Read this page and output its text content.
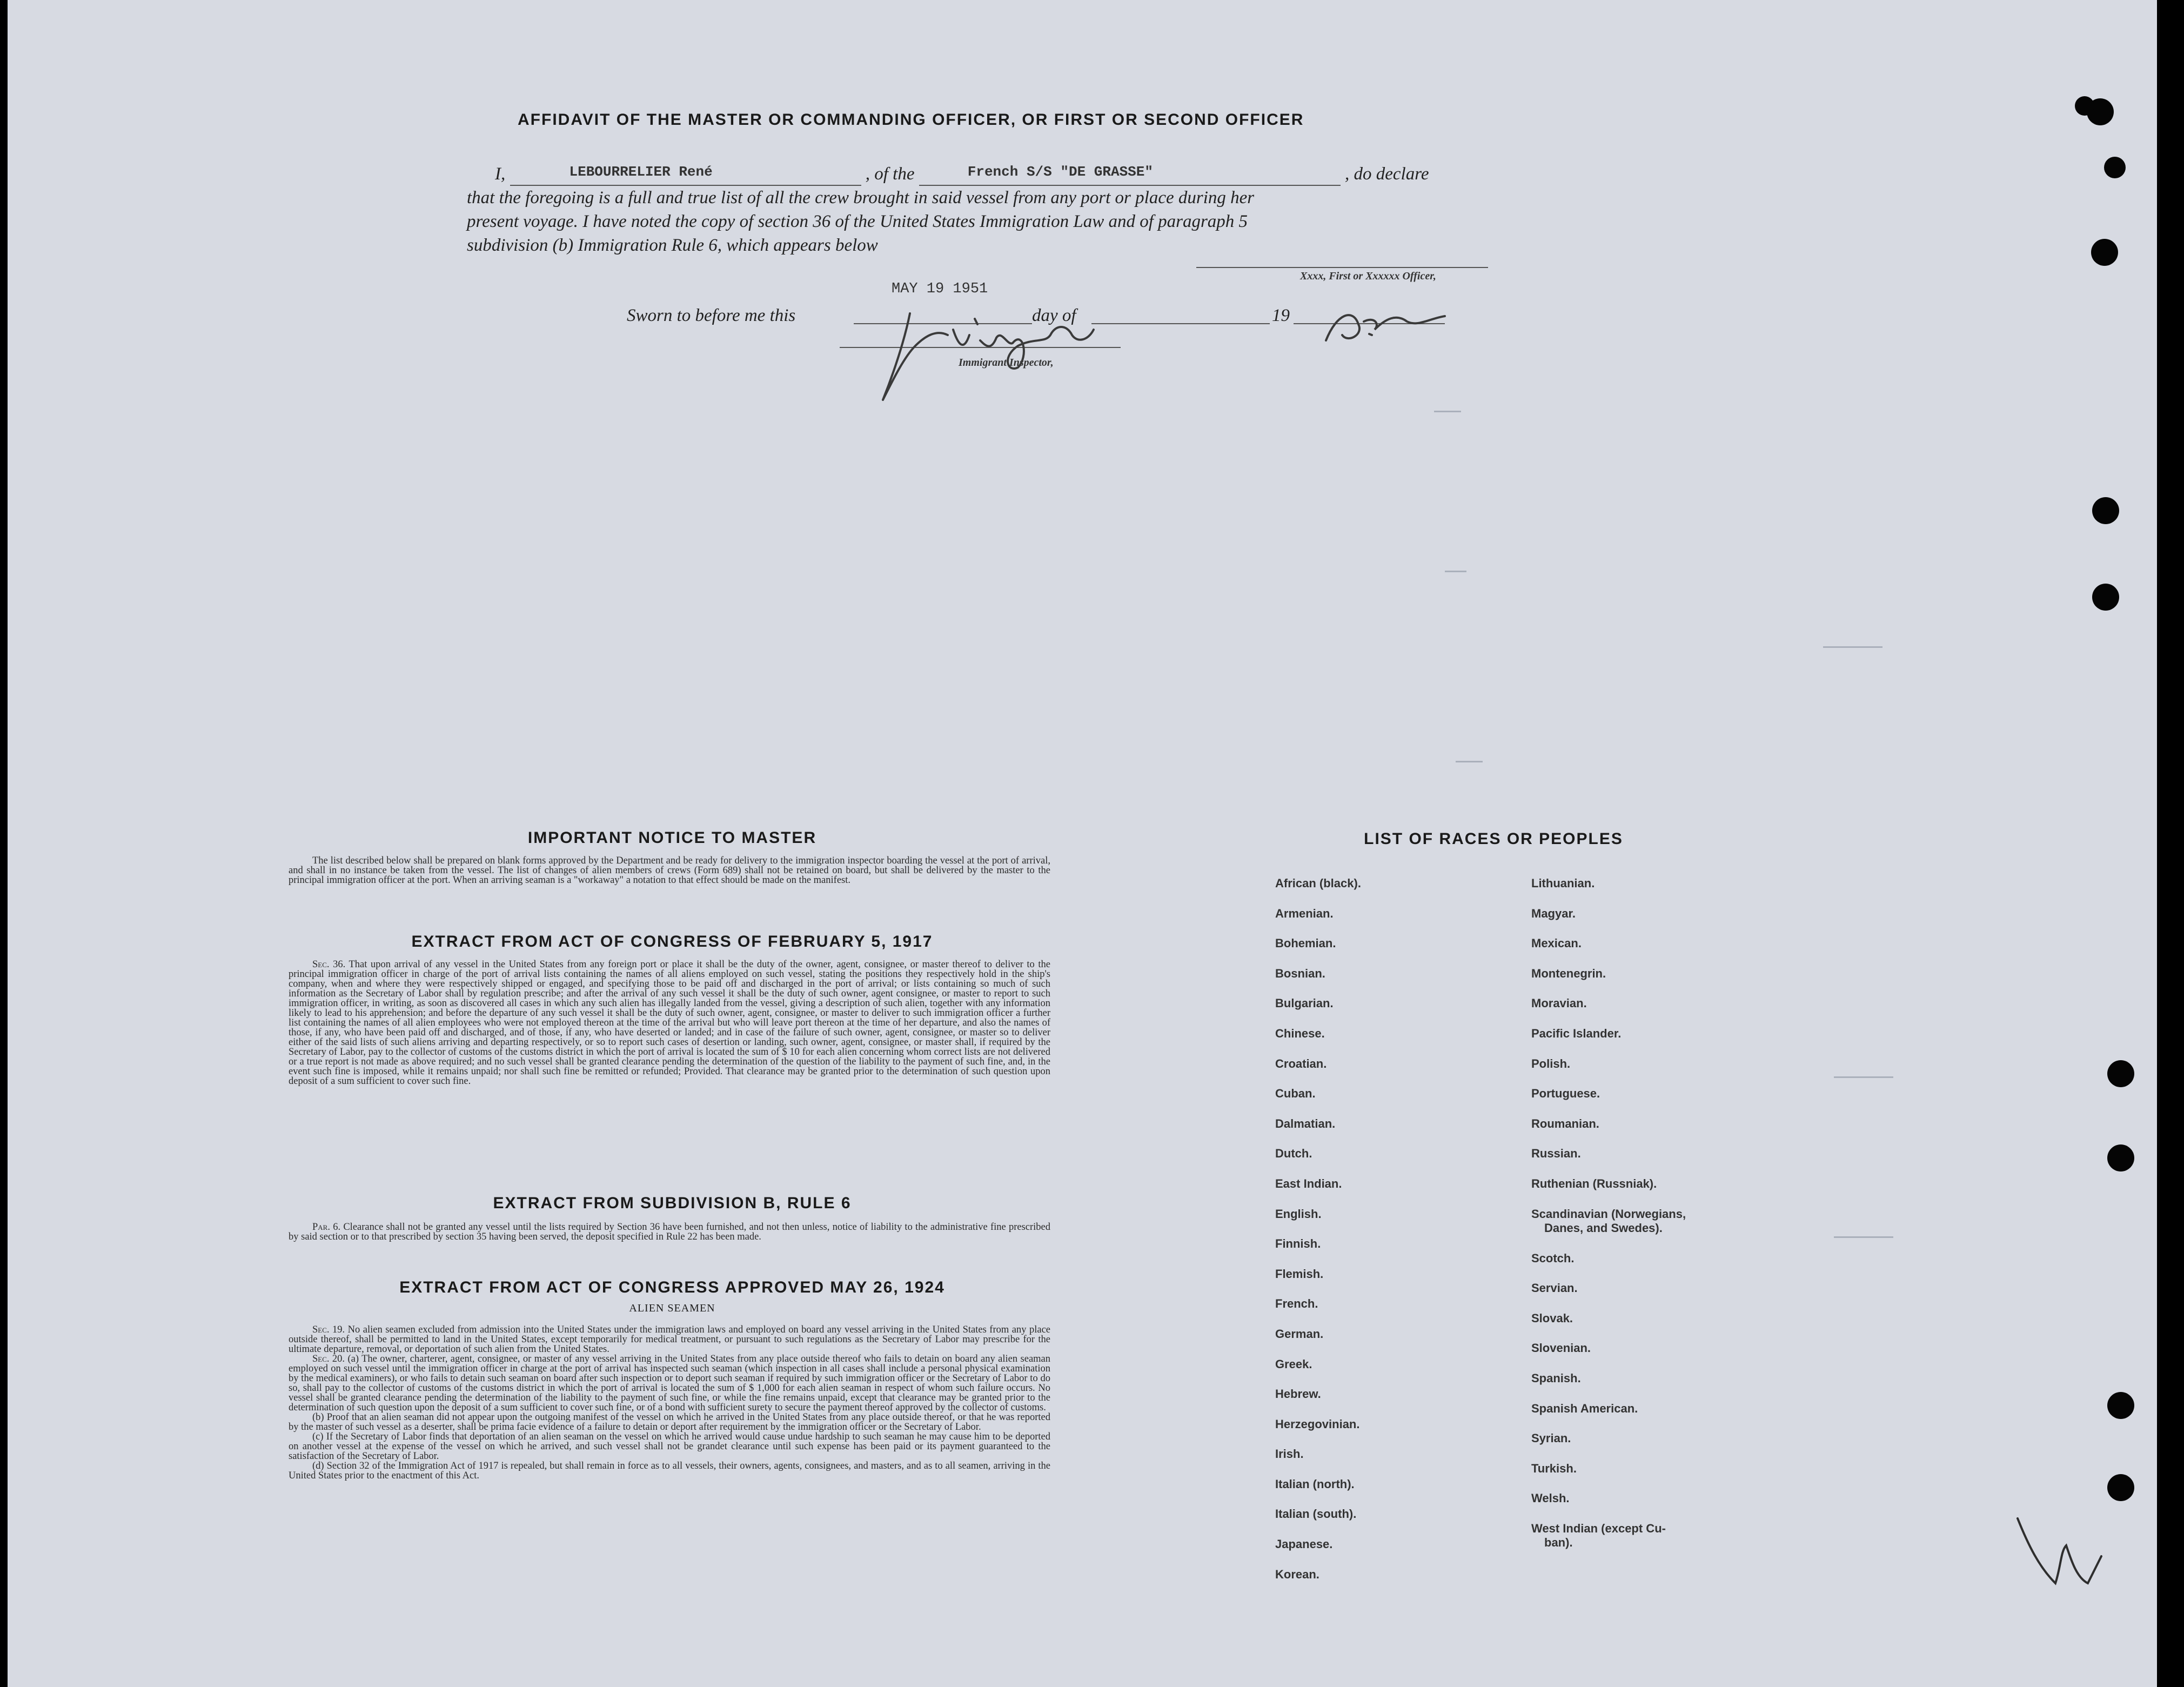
AFFIDAVIT OF THE MASTER OR COMMANDING OFFICER, OR FIRST OR SECOND OFFICER
I,	LEBOURRELIER René	, of the	French S/S "DE GRASSE"	, do declare
that the foregoing is a full and true list of all the crew brought in said vessel from any port or place during her
present voyage. I have noted the copy of section 36 of the United States Immigration Law and of paragraph 5
subdivision (b) Immigration Rule 6, which appears below
Xxxx, First or Xxxxxx Officer,
MAY 19 1951
Sworn to before me this	day of	19
Immigrant Inspector,
IMPORTANT NOTICE TO MASTER
The list described below shall be prepared on blank forms approved by the Department and be ready for delivery to the immigration inspector boarding the vessel at the port of arrival, and shall in no instance be taken from the vessel. The list of changes of alien members of crews (Form 689) shall not be retained on board, but shall be delivered by the master to the principal immigration officer at the port. When an arriving seaman is a "workaway" a notation to that effect should be made on the manifest.
EXTRACT FROM ACT OF CONGRESS OF FEBRUARY 5, 1917
Sec. 36. That upon arrival of any vessel in the United States from any foreign port or place it shall be the duty of the owner, agent, consignee, or master thereof to deliver to the principal immigration officer in charge of the port of arrival lists containing the names of all aliens employed on such vessel, stating the positions they respectively hold in the ship's company, when and where they were respectively shipped or engaged, and specifying those to be paid off and discharged in the port of arrival; or lists containing so much of such information as the Secretary of Labor shall by regulation prescribe; and after the arrival of any such vessel it shall be the duty of such owner, agent consignee, or master to report to such immigration officer, in writing, as soon as discovered all cases in which any such alien has illegally landed from the vessel, giving a description of such alien, together with any information likely to lead to his apprehension; and before the departure of any such vessel it shall be the duty of such owner, agent, consignee, or master to deliver to such immigration officer a further list containing the names of all alien employees who were not employed thereon at the time of the arrival but who will leave port thereon at the time of her departure, and also the names of those, if any, who have been paid off and discharged, and of those, if any, who have deserted or landed; and in case of the failure of such owner, agent, consignee, or master so to deliver either of the said lists of such aliens arriving and departing respectively, or so to report such cases of desertion or landing, such owner, agent, consignee, or master shall, if required by the Secretary of Labor, pay to the collector of customs of the customs district in which the port of arrival is located the sum of $ 10 for each alien concerning whom correct lists are not delivered or a true report is not made as above required; and no such vessel shall be granted clearance pending the determination of the question of the liability to the payment of such fine, and, in the event such fine is imposed, while it remains unpaid; nor shall such fine be remitted or refunded; Provided. That clearance may be granted prior to the determination of such question upon deposit of a sum sufficient to cover such fine.
EXTRACT FROM SUBDIVISION B, RULE 6
Par. 6. Clearance shall not be granted any vessel until the lists required by Section 36 have been furnished, and not then unless, notice of liability to the administrative fine prescribed by said section or to that prescribed by section 35 having been served, the deposit specified in Rule 22 has been made.
EXTRACT FROM ACT OF CONGRESS APPROVED MAY 26, 1924
ALIEN SEAMEN
Sec. 19. No alien seamen excluded from admission into the United States under the immigration laws and employed on board any vessel arriving in the United States from any place outside thereof, shall be permitted to land in the United States, except temporarily for medical treatment, or pursuant to such regulations as the Secretary of Labor may prescribe for the ultimate departure, removal, or deportation of such alien from the United States.
Sec. 20. (a) The owner, charterer, agent, consignee, or master of any vessel arriving in the United States from any place outside thereof who fails to detain on board any alien seaman employed on such vessel until the immigration officer in charge at the port of arrival has inspected such seaman (which inspection in all cases shall include a personal physical examination by the medical examiners), or who fails to detain such seaman on board after such inspection or to deport such seaman if required by such immigration officer or the Secretary of Labor to do so, shall pay to the collector of customs of the customs district in which the port of arrival is located the sum of $ 1,000 for each alien seaman in respect of whom such failure occurs. No vessel shall be granted clearance pending the determination of the liability to the payment of such fine, or while the fine remains unpaid, except that clearance may be granted prior to the determination of such question upon the deposit of a sum sufficient to cover such fine, or of a bond with sufficient surety to secure the payment thereof approved by the collector of customs.
(b) Proof that an alien seaman did not appear upon the outgoing manifest of the vessel on which he arrived in the United States from any place outside thereof, or that he was reported by the master of such vessel as a deserter, shall be prima facie evidence of a failure to detain or deport after requirement by the immigration officer or the Secretary of Labor.
(c) If the Secretary of Labor finds that deportation of an alien seaman on the vessel on which he arrived would cause undue hardship to such seaman he may cause him to be deported on another vessel at the expense of the vessel on which he arrived, and such vessel shall not be grandet clearance until such expense has been paid or its payment guaranteed to the satisfaction of the Secretary of Labor.
(d) Section 32 of the Immigration Act of 1917 is repealed, but shall remain in force as to all vessels, their owners, agents, consignees, and masters, and as to all seamen, arriving in the United States prior to the enactment of this Act.
LIST OF RACES OR PEOPLES
African (black).
Armenian.
Bohemian.
Bosnian.
Bulgarian.
Chinese.
Croatian.
Cuban.
Dalmatian.
Dutch.
East Indian.
English.
Finnish.
Flemish.
French.
German.
Greek.
Hebrew.
Herzegovinian.
Irish.
Italian (north).
Italian (south).
Japanese.
Korean.
Lithuanian.
Magyar.
Mexican.
Montenegrin.
Moravian.
Pacific Islander.
Polish.
Portuguese.
Roumanian.
Russian.
Ruthenian (Russniak).
Scandinavian (Norwegians,
Danes, and Swedes).
Scotch.
Servian.
Slovak.
Slovenian.
Spanish.
Spanish American.
Syrian.
Turkish.
Welsh.
West Indian (except Cu-
ban).
